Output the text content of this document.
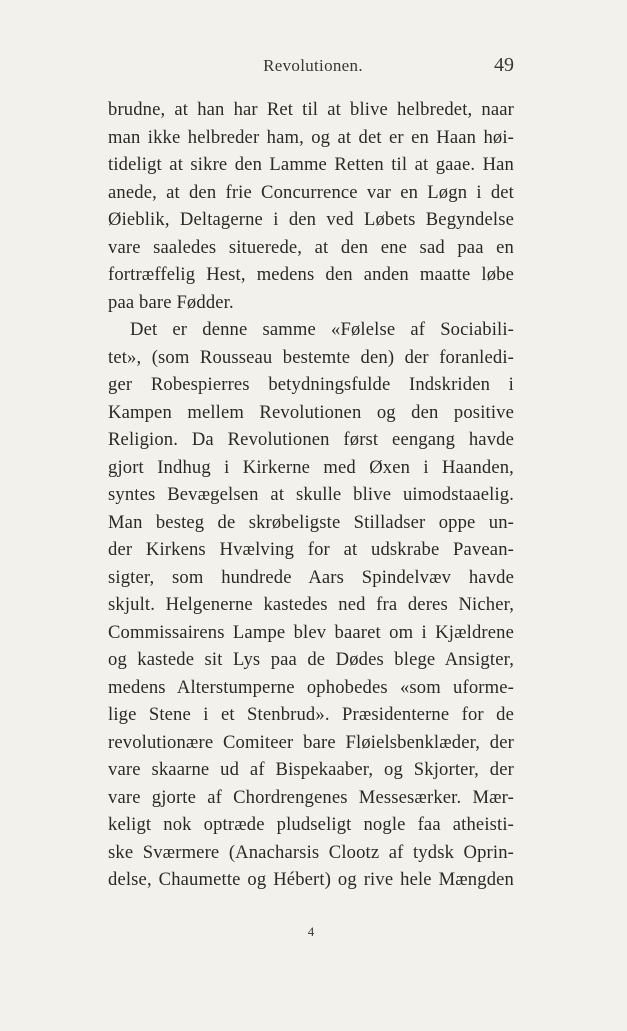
Revolutionen.	49
brudne, at han har Ret til at blive helbredet, naar
man ikke helbreder ham, og at det er en Haan høi-
tideligt at sikre den Lamme Retten til at gaae. Han
anede, at den frie Concurrence var en Løgn i det
Øieblik, Deltagerne i den ved Løbets Begyndelse
vare saaledes situerede, at den ene sad paa en
fortræffelig Hest, medens den anden maatte løbe
paa bare Fødder.
Det er denne samme «Følelse af Sociabili-
tet», (som Rousseau bestemte den) der foranledi-
ger Robespierres betydningsfulde Indskriden i
Kampen mellem Revolutionen og den positive
Religion. Da Revolutionen først eengang havde
gjort Indhug i Kirkerne med Øxen i Haanden,
syntes Bevægelsen at skulle blive uimodstaaelig.
Man besteg de skrøbeligste Stilladser oppe un-
der Kirkens Hvælving for at udskrabe Pavean-
sigter, som hundrede Aars Spindelvæv havde
skjult. Helgenerne kastedes ned fra deres Nicher,
Commissairens Lampe blev baaret om i Kjældrene
og kastede sit Lys paa de Dødes blege Ansigter,
medens Alterstumperne ophobedes «som uforme-
lige Stene i et Stenbrud». Præsidenterne for de
revolutionære Comiteer bare Fløielsbenklæder, der
vare skaarne ud af Bispekaaber, og Skjorter, der
vare gjorte af Chordrengenes Messesærker. Mær-
keligt nok optræde pludseligt nogle faa atheisti-
ske Sværmere (Anacharsis Clootz af tydsk Oprin-
delse, Chaumette og Hébert) og rive hele Mængden
4
